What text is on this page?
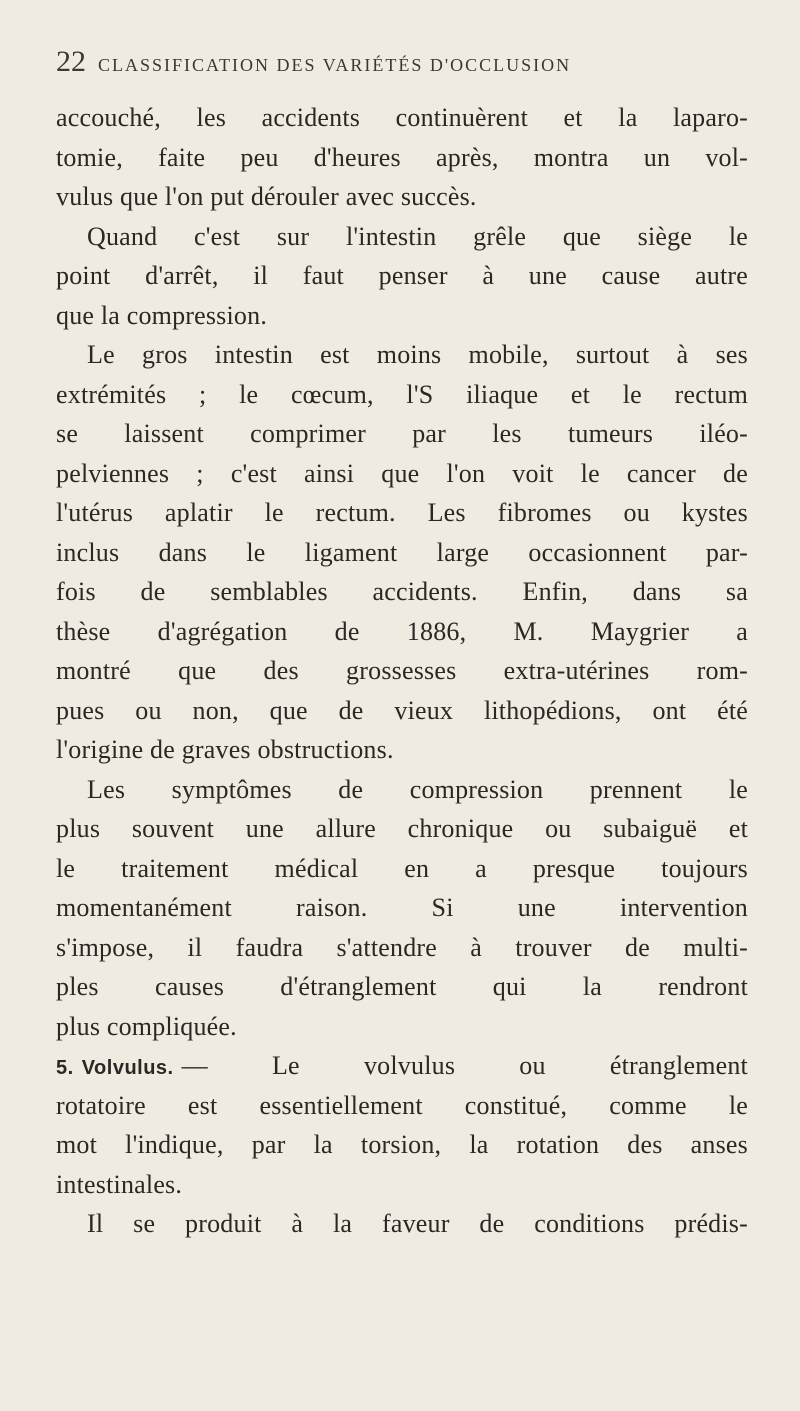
22 CLASSIFICATION DES VARIÉTÉS D'OCCLUSION
accouché, les accidents continuèrent et la laparo-
tomie, faite peu d'heures après, montra un vol-
vulus que l'on put dérouler avec succès.
Quand c'est sur l'intestin grêle que siège le
point d'arrêt, il faut penser à une cause autre
que la compression.
Le gros intestin est moins mobile, surtout à ses
extrémités ; le cœcum, l'S iliaque et le rectum
se laissent comprimer par les tumeurs iléo-
pelviennes ; c'est ainsi que l'on voit le cancer de
l'utérus aplatir le rectum. Les fibromes ou kystes
inclus dans le ligament large occasionnent par-
fois de semblables accidents. Enfin, dans sa
thèse d'agrégation de 1886, M. Maygrier a
montré que des grossesses extra-utérines rom-
pues ou non, que de vieux lithopédions, ont été
l'origine de graves obstructions.
Les symptômes de compression prennent le
plus souvent une allure chronique ou subaiguë et
le traitement médical en a presque toujours
momentanément raison. Si une intervention
s'impose, il faudra s'attendre à trouver de multi-
ples causes d'étranglement qui la rendront
plus compliquée.
5. Volvulus. — Le volvulus ou étranglement
rotatoire est essentiellement constitué, comme le
mot l'indique, par la torsion, la rotation des anses
intestinales.
Il se produit à la faveur de conditions prédis-
